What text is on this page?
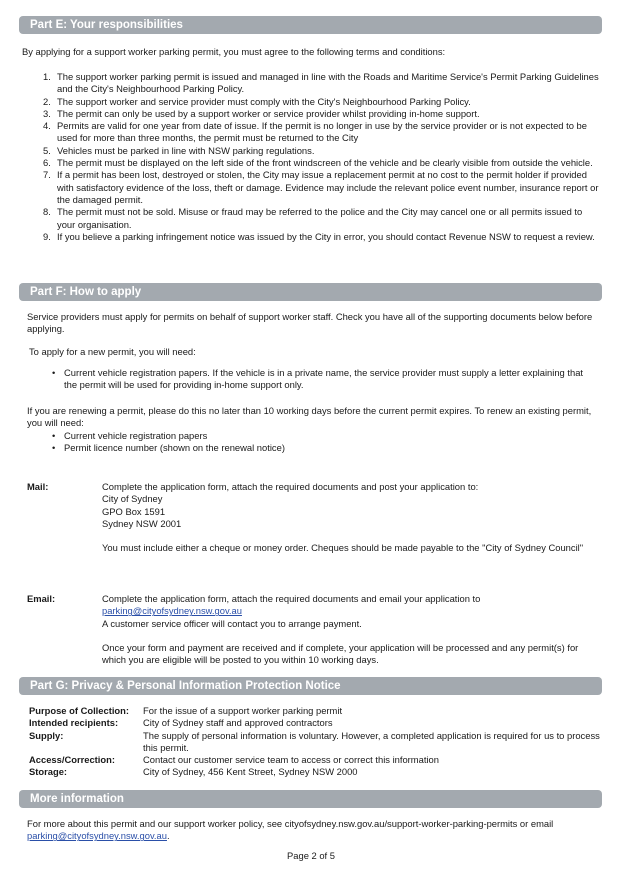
Part E: Your responsibilities
By applying for a support worker parking permit, you must agree to the following terms and conditions:
1. The support worker parking permit is issued and managed in line with the Roads and Maritime Service's Permit Parking Guidelines and the City's Neighbourhood Parking Policy.
2. The support worker and service provider must comply with the City's Neighbourhood Parking Policy.
3. The permit can only be used by a support worker or service provider whilst providing in-home support.
4. Permits are valid for one year from date of issue. If the permit is no longer in use by the service provider or is not expected to be used for more than three months, the permit must be returned to the City
5. Vehicles must be parked in line with NSW parking regulations.
6. The permit must be displayed on the left side of the front windscreen of the vehicle and be clearly visible from outside the vehicle.
7. If a permit has been lost, destroyed or stolen, the City may issue a replacement permit at no cost to the permit holder if provided with satisfactory evidence of the loss, theft or damage. Evidence may include the relevant police event number, insurance report or the damaged permit.
8. The permit must not be sold. Misuse or fraud may be referred to the police and the City may cancel one or all permits issued to your organisation.
9. If you believe a parking infringement notice was issued by the City in error, you should contact Revenue NSW to request a review.
Part F: How to apply
Service providers must apply for permits on behalf of support worker staff. Check you have all of the supporting documents below before applying.
To apply for a new permit, you will need:
• Current vehicle registration papers. If the vehicle is in a private name, the service provider must supply a letter explaining that the permit will be used for providing in-home support only.
If you are renewing a permit, please do this no later than 10 working days before the current permit expires. To renew an existing permit, you will need:
• Current vehicle registration papers
• Permit licence number (shown on the renewal notice)
Mail:	Complete the application form, attach the required documents and post your application to:
City of Sydney
GPO Box 1591
Sydney NSW 2001
You must include either a cheque or money order. Cheques should be made payable to the "City of Sydney Council"
Email:	Complete the application form, attach the required documents and email your application to
parking@cityofsydney.nsw.gov.au
A customer service officer will contact you to arrange payment.
Once your form and payment are received and if complete, your application will be processed and any permit(s) for which you are eligible will be posted to you within 10 working days.
Part G: Privacy & Personal Information Protection Notice
Purpose of Collection:	For the issue of a support worker parking permit
Intended recipients:	City of Sydney staff and approved contractors
Supply:	The supply of personal information is voluntary. However, a completed application is required for us to process this permit.
Access/Correction:	Contact our customer service team to access or correct this information
Storage:	City of Sydney, 456 Kent Street, Sydney NSW 2000
More information
For more about this permit and our support worker policy, see cityofsydney.nsw.gov.au/support-worker-parking-permits or email parking@cityofsydney.nsw.gov.au.
Page 2 of 5
